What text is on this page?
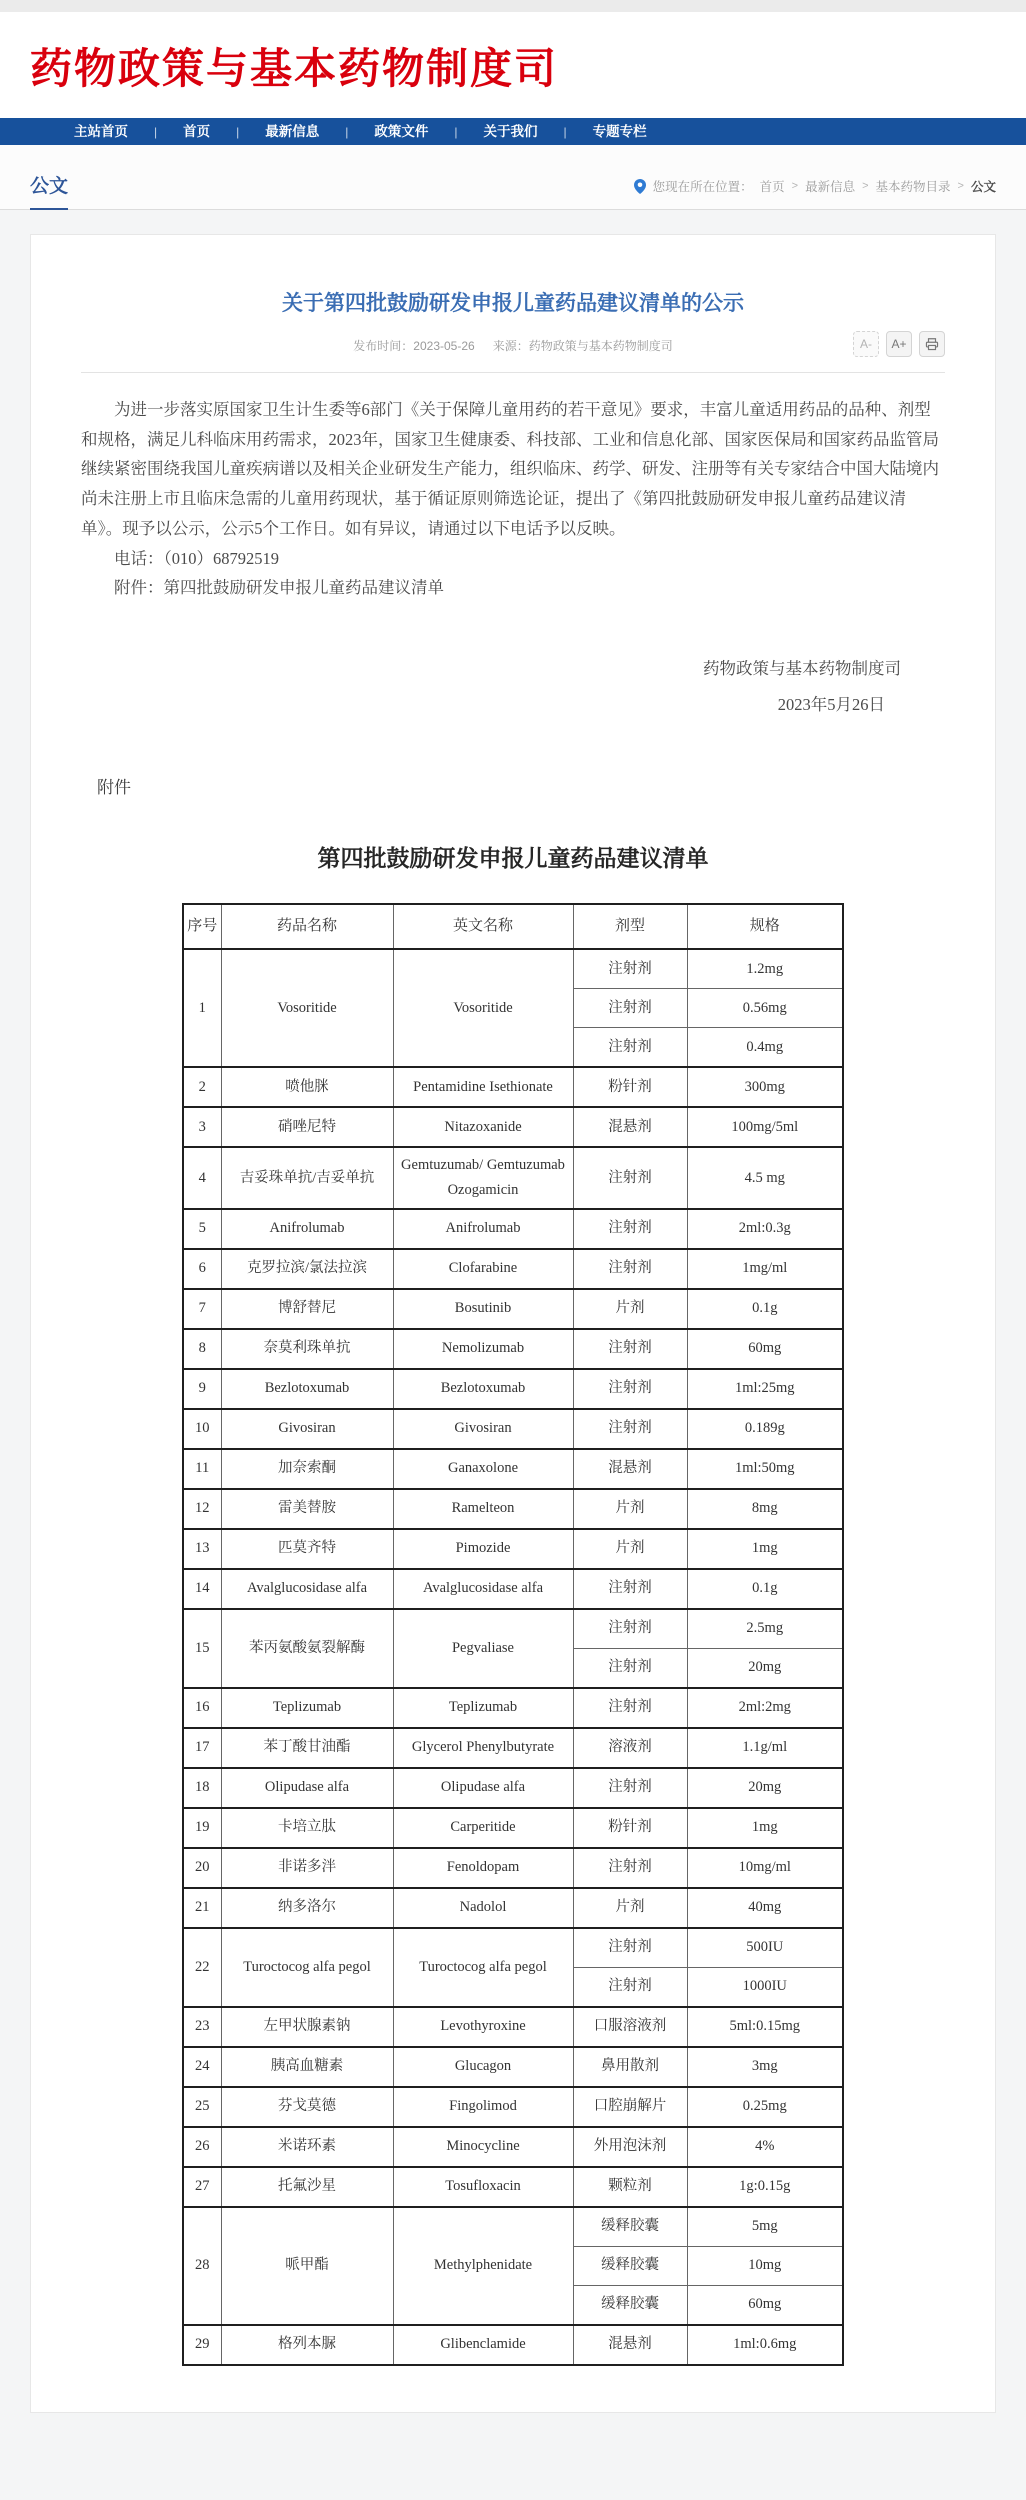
药物政策与基本药物制度司
主站首页	|	首页	|	最新信息	|	政策文件	|	关于我们	|	专题专栏
公文	您现在所在位置： 首页 > 最新信息 > 基本药物目录 > 公文
关于第四批鼓励研发申报儿童药品建议清单的公示
发布时间：2023-05-26 来源：药物政策与基本药物制度司	A-	A+

为进一步落实原国家卫生计生委等6部门《关于保障儿童用药的若干意见》要求，丰富儿童适用药品的品种、剂型和规格，满足儿科临床用药需求，2023年，国家卫生健康委、科技部、工业和信息化部、国家医保局和国家药品监管局继续紧密围绕我国儿童疾病谱以及相关企业研发生产能力，组织临床、药学、研发、注册等有关专家结合中国大陆境内尚未注册上市且临床急需的儿童用药现状，基于循证原则筛选论证，提出了《第四批鼓励研发申报儿童药品建议清单》。现予以公示，公示5个工作日。如有异议，请通过以下电话予以反映。

电话：（010）68792519

附件：第四批鼓励研发申报儿童药品建议清单

药物政策与基本药物制度司
2023年5月26日
附件
第四批鼓励研发申报儿童药品建议清单
序号	药品名称	英文名称	剂型	规格
1	Vosoritide	Vosoritide	注射剂	1.2mg
			注射剂	0.56mg
			注射剂	0.4mg
2	喷他脒	Pentamidine Isethionate	粉针剂	300mg
3	硝唑尼特	Nitazoxanide	混悬剂	100mg/5ml
4	吉妥珠单抗/吉妥单抗	Gemtuzumab/ Gemtuzumab Ozogamicin	注射剂	4.5 mg
5	Anifrolumab	Anifrolumab	注射剂	2ml:0.3g
6	克罗拉滨/氯法拉滨	Clofarabine	注射剂	1mg/ml
7	博舒替尼	Bosutinib	片剂	0.1g
8	奈莫利珠单抗	Nemolizumab	注射剂	60mg
9	Bezlotoxumab	Bezlotoxumab	注射剂	1ml:25mg
10	Givosiran	Givosiran	注射剂	0.189g
11	加奈索酮	Ganaxolone	混悬剂	1ml:50mg
12	雷美替胺	Ramelteon	片剂	8mg
13	匹莫齐特	Pimozide	片剂	1mg
14	Avalglucosidase alfa	Avalglucosidase alfa	注射剂	0.1g
15	苯丙氨酸氨裂解酶	Pegvaliase	注射剂	2.5mg
			注射剂	20mg
16	Teplizumab	Teplizumab	注射剂	2ml:2mg
17	苯丁酸甘油酯	Glycerol Phenylbutyrate	溶液剂	1.1g/ml
18	Olipudase alfa	Olipudase alfa	注射剂	20mg
19	卡培立肽	Carperitide	粉针剂	1mg
20	非诺多泮	Fenoldopam	注射剂	10mg/ml
21	纳多洛尔	Nadolol	片剂	40mg
22	Turoctocog alfa pegol	Turoctocog alfa pegol	注射剂	500IU
			注射剂	1000IU
23	左甲状腺素钠	Levothyroxine	口服溶液剂	5ml:0.15mg
24	胰高血糖素	Glucagon	鼻用散剂	3mg
25	芬戈莫德	Fingolimod	口腔崩解片	0.25mg
26	米诺环素	Minocycline	外用泡沫剂	4%
27	托氟沙星	Tosufloxacin	颗粒剂	1g:0.15g
28	哌甲酯	Methylphenidate	缓释胶囊	5mg
			缓释胶囊	10mg
			缓释胶囊	60mg
29	格列本脲	Glibenclamide	混悬剂	1ml:0.6mg
